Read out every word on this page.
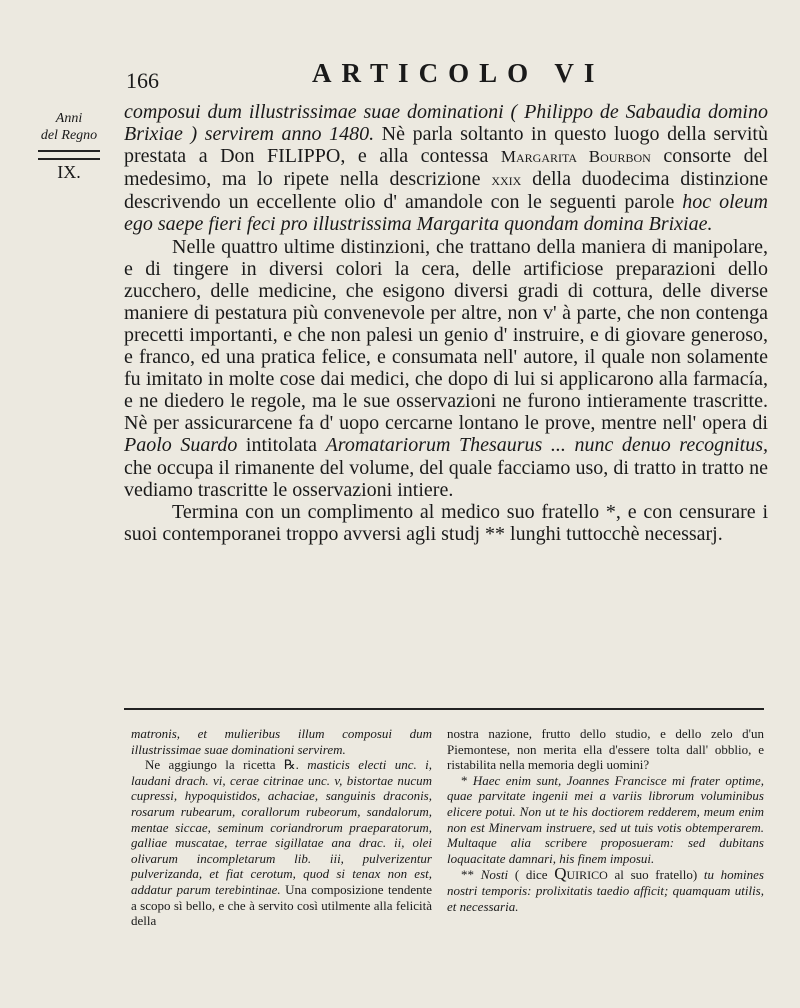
166	ARTICOLO VI
Anni
del Regno
IX.

composui dum illustrissimae suae dominationi ( Philippo de Sabaudia domino Brixiae ) servirem anno 1480. Nè parla soltanto in questo luogo della servitù prestata a Don FILIPPO, e alla contessa Margarita Bourbon consorte del medesimo, ma lo ripete nella descrizione xxix della duodecima distinzione descrivendo un eccellente olio d' amandole con le seguenti parole hoc oleum ego saepe fieri feci pro illustrissima Margarita quondam domina Brixiae.

Nelle quattro ultime distinzioni, che trattano della maniera di manipolare, e di tingere in diversi colori la cera, delle artificiose preparazioni dello zucchero, delle medicine, che esigono diversi gradi di cottura, delle diverse maniere di pestatura più convenevole per altre, non v' à parte, che non contenga precetti importanti, e che non palesi un genio d' instruire, e di giovare generoso, e franco, ed una pratica felice, e consumata nell' autore, il quale non solamente fu imitato in molte cose dai medici, che dopo di lui si applicarono alla farmacía, e ne diedero le regole, ma le sue osservazioni ne furono intieramente trascritte. Nè per assicurarcene fa d' uopo cercarne lontano le prove, mentre nell' opera di Paolo Suardo intitolata Aromatariorum Thesaurus ... nunc denuo recognitus, che occupa il rimanente del volume, del quale facciamo uso, di tratto in tratto ne vediamo trascritte le osservazioni intiere.

Termina con un complimento al medico suo fratello *, e con censurare i suoi contemporanei troppo avversi agli studj ** lunghi tuttocchè necessarj.

matronis, et mulieribus illum composui dum illustrissimae suae dominationi servirem.

Ne aggiungo la ricetta ℞. masticis electi unc. i, laudani drach. vi, cerae citrinae unc. v, bistortae nucum cupressi, hypoquistidos, achaciae, sanguinis draconis, rosarum rubearum, corallorum rubeorum, sandalorum, mentae siccae, seminum coriandrorum praeparatorum, galliae muscatae, terrae sigillatae ana drac. ii, olei olivarum incompletarum lib. iii, pulverizentur pulverizanda, et fiat cerotum, quod si tenax non est, addatur parum terebintinae. Una composizione tendente a scopo sì bello, e che à servito così utilmente alla felicità della

nostra nazione, frutto dello studio, e dello zelo d'un Piemontese, non merita ella d'essere tolta dall' obblio, e ristabilita nella memoria degli uomini?

* Haec enim sunt, Joannes Francisce mi frater optime, quae parvitate ingenii mei a variis librorum voluminibus elicere potui. Non ut te his doctiorem redderem, meum enim non est Minervam instruere, sed ut tuis votis obtemperarem. Multaque alia scribere proposueram: sed dubitans loquacitate damnari, his finem imposui.

** Nosti ( dice Quirico al suo fratello) tu homines nostri temporis: prolixitatis taedio afficit; quamquam utilis, et necessaria.
